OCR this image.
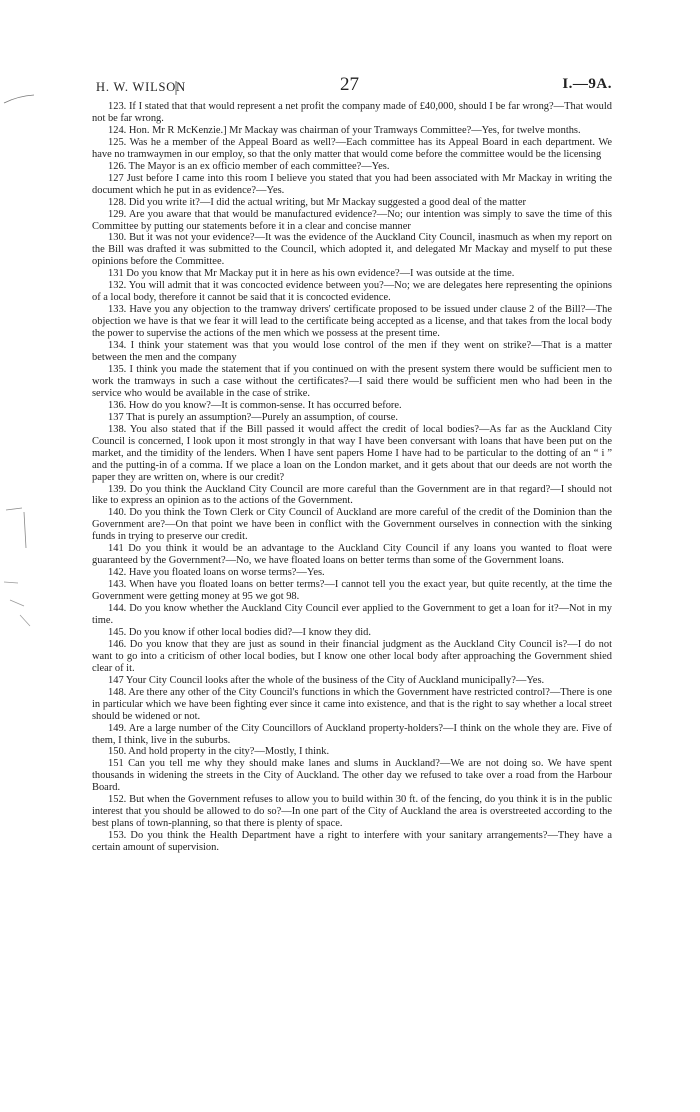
H. W. WILSON	27	I.—9A.

123. If I stated that that would represent a net profit the company made of £40,000, should I be far wrong?—That would not be far wrong.

124. Hon. Mr R McKenzie.] Mr Mackay was chairman of your Tramways Committee?—Yes, for twelve months.

125. Was he a member of the Appeal Board as well?—Each committee has its Appeal Board in each department. We have no tramwaymen in our employ, so that the only matter that would come before the committee would be the licensing

126. The Mayor is an ex officio member of each committee?—Yes.

127 Just before I came into this room I believe you stated that you had been associated with Mr Mackay in writing the document which he put in as evidence?—Yes.

128. Did you write it?—I did the actual writing, but Mr Mackay suggested a good deal of the matter

129. Are you aware that that would be manufactured evidence?—No; our intention was simply to save the time of this Committee by putting our statements before it in a clear and concise manner

130. But it was not your evidence?—It was the evidence of the Auckland City Council, inasmuch as when my report on the Bill was drafted it was submitted to the Council, which adopted it, and delegated Mr Mackay and myself to put these opinions before the Committee.

131 Do you know that Mr Mackay put it in here as his own evidence?—I was outside at the time.

132. You will admit that it was concocted evidence between you?—No; we are delegates here representing the opinions of a local body, therefore it cannot be said that it is concocted evidence.

133. Have you any objection to the tramway drivers' certificate proposed to be issued under clause 2 of the Bill?—The objection we have is that we fear it will lead to the certificate being accepted as a license, and that takes from the local body the power to supervise the actions of the men which we possess at the present time.

134. I think your statement was that you would lose control of the men if they went on strike?—That is a matter between the men and the company

135. I think you made the statement that if you continued on with the present system there would be sufficient men to work the tramways in such a case without the certificates?—I said there would be sufficient men who had been in the service who would be available in the case of strike.

136. How do you know?—It is common-sense. It has occurred before.

137 That is purely an assumption?—Purely an assumption, of course.

138. You also stated that if the Bill passed it would affect the credit of local bodies?—As far as the Auckland City Council is concerned, I look upon it most strongly in that way I have been conversant with loans that have been put on the market, and the timidity of the lenders. When I have sent papers Home I have had to be particular to the dotting of an “ i ” and the putting-in of a comma. If we place a loan on the London market, and it gets about that our deeds are not worth the paper they are written on, where is our credit?

139. Do you think the Auckland City Council are more careful than the Government are in that regard?—I should not like to express an opinion as to the actions of the Government.

140. Do you think the Town Clerk or City Council of Auckland are more careful of the credit of the Dominion than the Government are?—On that point we have been in conflict with the Government ourselves in connection with the sinking funds in trying to preserve our credit.

141 Do you think it would be an advantage to the Auckland City Council if any loans you wanted to float were guaranteed by the Government?—No, we have floated loans on better terms than some of the Government loans.

142. Have you floated loans on worse terms?—Yes.

143. When have you floated loans on better terms?—I cannot tell you the exact year, but quite recently, at the time the Government were getting money at 95 we got 98.

144. Do you know whether the Auckland City Council ever applied to the Government to get a loan for it?—Not in my time.

145. Do you know if other local bodies did?—I know they did.

146. Do you know that they are just as sound in their financial judgment as the Auckland City Council is?—I do not want to go into a criticism of other local bodies, but I know one other local body after approaching the Government shied clear of it.

147 Your City Council looks after the whole of the business of the City of Auckland municipally?—Yes.

148. Are there any other of the City Council's functions in which the Government have restricted control?—There is one in particular which we have been fighting ever since it came into existence, and that is the right to say whether a local street should be widened or not.

149. Are a large number of the City Councillors of Auckland property-holders?—I think on the whole they are. Five of them, I think, live in the suburbs.

150. And hold property in the city?—Mostly, I think.

151 Can you tell me why they should make lanes and slums in Auckland?—We are not doing so. We have spent thousands in widening the streets in the City of Auckland. The other day we refused to take over a road from the Harbour Board.

152. But when the Government refuses to allow you to build within 30 ft. of the fencing, do you think it is in the public interest that you should be allowed to do so?—In one part of the City of Auckland the area is overstreeted according to the best plans of town-planning, so that there is plenty of space.

153. Do you think the Health Department have a right to interfere with your sanitary arrangements?—They have a certain amount of supervision.
